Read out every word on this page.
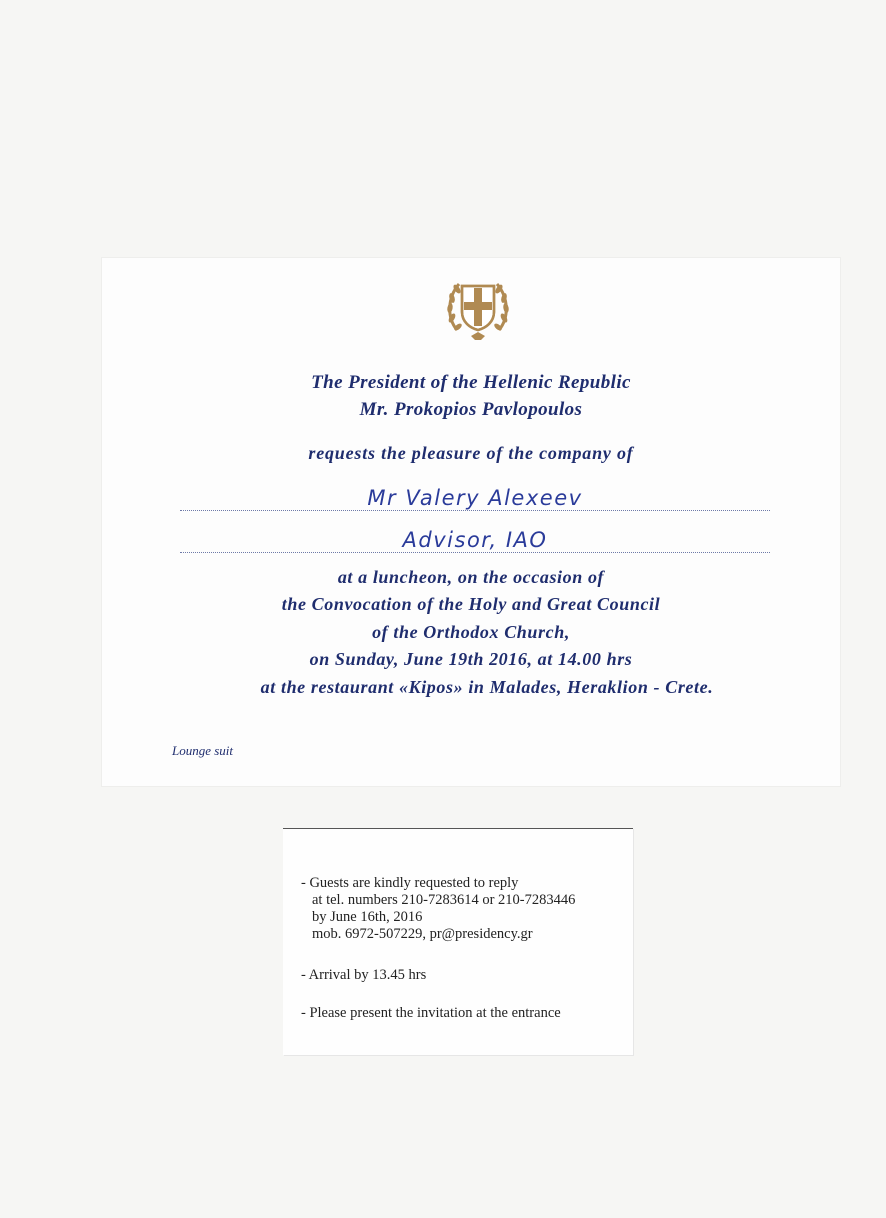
The President of the Hellenic Republic
Mr. Prokopios Pavlopoulos
requests the pleasure of the company of
Mr Valery Alexeev
Advisor, IAO
at a luncheon, on the occasion of
the Convocation of the Holy and Great Council
of the Orthodox Church,
on Sunday, June 19th 2016, at 14.00 hrs
at the restaurant «Kipos» in Malades, Heraklion - Crete.
Lounge suit
- Guests are kindly requested to reply
at tel. numbers 210-7283614 or 210-7283446
by June 16th, 2016
mob. 6972-507229, pr@presidency.gr
- Arrival by 13.45 hrs
- Please present the invitation at the entrance
